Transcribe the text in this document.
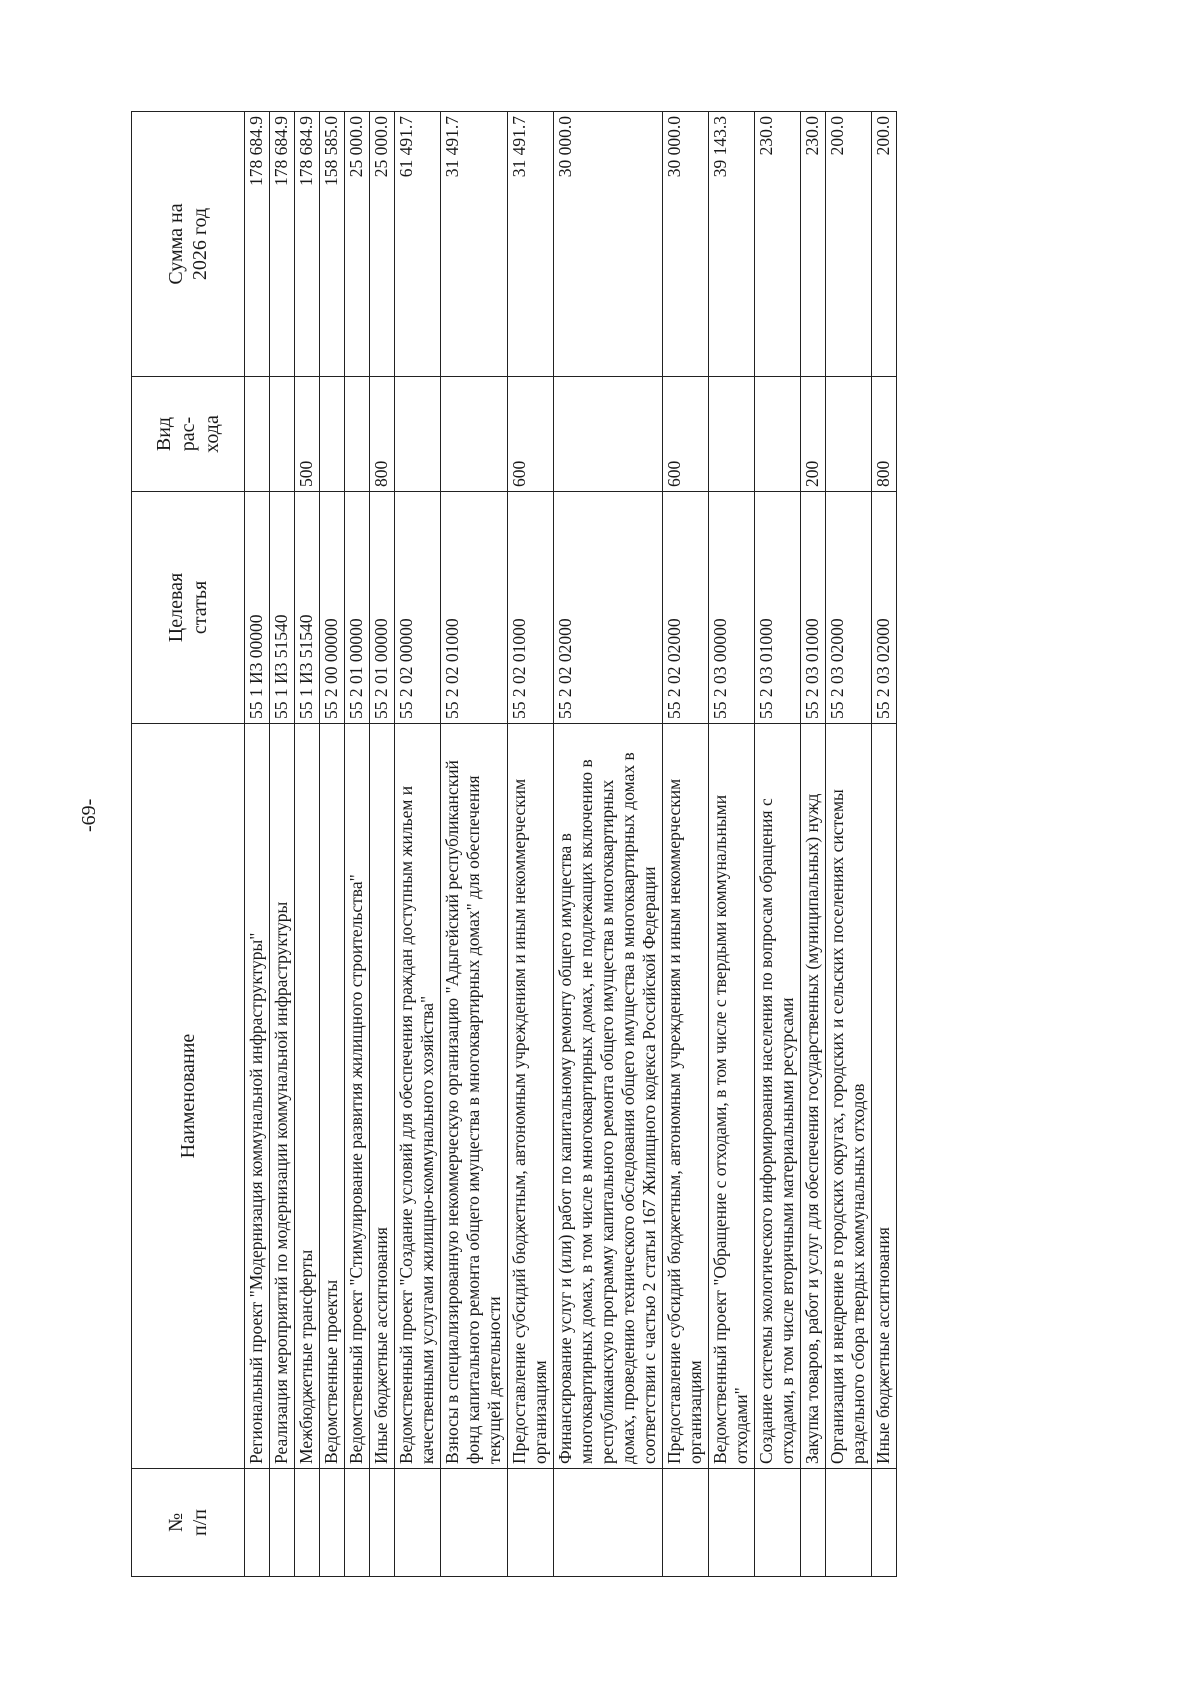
-69-
№ п/п	Наименование	Целевая статья	Вид рас- хода	Сумма на 2026 год

	Региональный проект "Модернизация коммунальной инфраструктуры"	55 1 И3 00000		178 684.9
	Реализация мероприятий по модернизации коммунальной инфраструктуры	55 1 И3 51540		178 684.9
	Межбюджетные трансферты	55 1 И3 51540	500	178 684.9
	Ведомственные проекты	55 2 00 00000		158 585.0
	Ведомственный проект "Стимулирование развития жилищного строительства"	55 2 01 00000		25 000.0
	Иные бюджетные ассигнования	55 2 01 00000	800	25 000.0
	Ведомственный проект "Создание условий для обеспечения граждан доступным жильем и качественными услугами жилищно-коммунального хозяйства"	55 2 02 00000		61 491.7
	Взносы в специализированную некоммерческую организацию "Адыгейский республиканский фонд капитального ремонта общего имущества в многоквартирных домах" для обеспечения текущей деятельности	55 2 02 01000		31 491.7
	Предоставление субсидий бюджетным, автономным учреждениям и иным некоммерческим организациям	55 2 02 01000	600	31 491.7
	Финансирование услуг и (или) работ по капитальному ремонту общего имущества в многоквартирных домах, в том числе в многоквартирных домах, не подлежащих включению в республиканскую программу капитального ремонта общего имущества в многоквартирных домах, проведению технического обследования общего имущества в многоквартирных домах в соответствии с частью 2 статьи 167 Жилищного кодекса Российской Федерации	55 2 02 02000		30 000.0
	Предоставление субсидий бюджетным, автономным учреждениям и иным некоммерческим организациям	55 2 02 02000	600	30 000.0
	Ведомственный проект "Обращение с отходами, в том числе с твердыми коммунальными отходами"	55 2 03 00000		39 143.3
	Создание системы экологического информирования населения по вопросам обращения с отходами, в том числе вторичными материальными ресурсами	55 2 03 01000		230.0
	Закупка товаров, работ и услуг для обеспечения государственных (муниципальных) нужд	55 2 03 01000	200	230.0
	Организация и внедрение в городских округах, городских и сельских поселениях системы раздельного сбора твердых коммунальных отходов	55 2 03 02000		200.0
	Иные бюджетные ассигнования	55 2 03 02000	800	200.0
